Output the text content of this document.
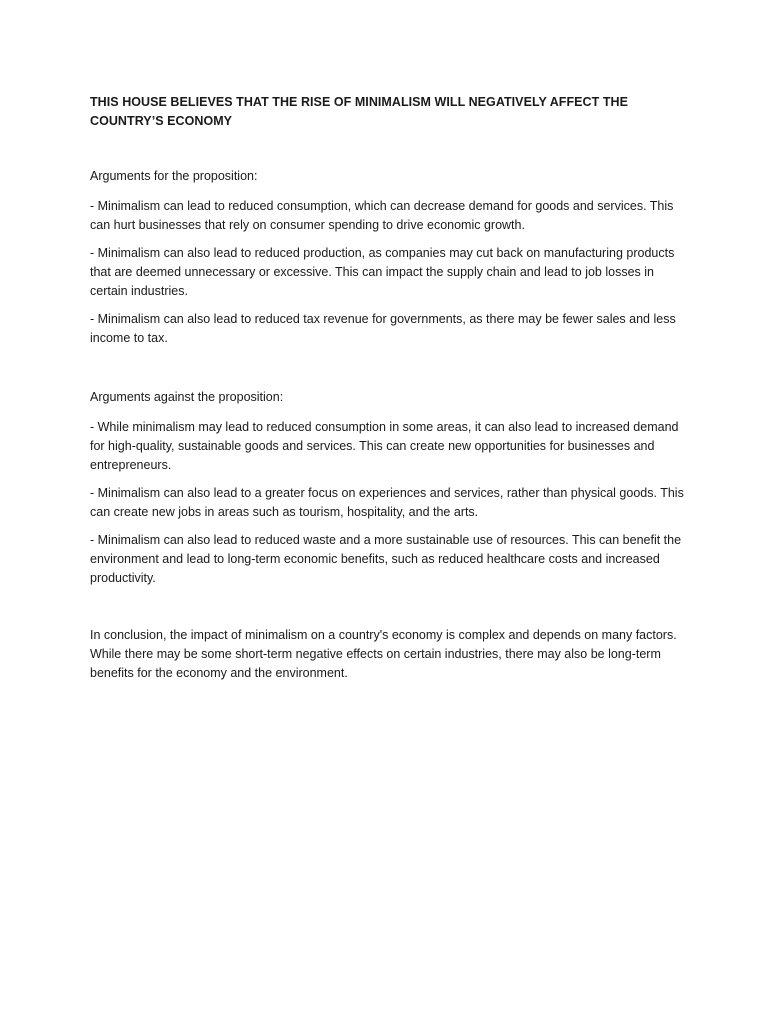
THIS HOUSE BELIEVES THAT THE RISE OF MINIMALISM WILL NEGATIVELY AFFECT THE COUNTRY’S ECONOMY
Arguments for the proposition:
- Minimalism can lead to reduced consumption, which can decrease demand for goods and services. This can hurt businesses that rely on consumer spending to drive economic growth.
- Minimalism can also lead to reduced production, as companies may cut back on manufacturing products that are deemed unnecessary or excessive. This can impact the supply chain and lead to job losses in certain industries.
- Minimalism can also lead to reduced tax revenue for governments, as there may be fewer sales and less income to tax.
Arguments against the proposition:
- While minimalism may lead to reduced consumption in some areas, it can also lead to increased demand for high-quality, sustainable goods and services. This can create new opportunities for businesses and entrepreneurs.
- Minimalism can also lead to a greater focus on experiences and services, rather than physical goods. This can create new jobs in areas such as tourism, hospitality, and the arts.
- Minimalism can also lead to reduced waste and a more sustainable use of resources. This can benefit the environment and lead to long-term economic benefits, such as reduced healthcare costs and increased productivity.
In conclusion, the impact of minimalism on a country's economy is complex and depends on many factors. While there may be some short-term negative effects on certain industries, there may also be long-term benefits for the economy and the environment.
